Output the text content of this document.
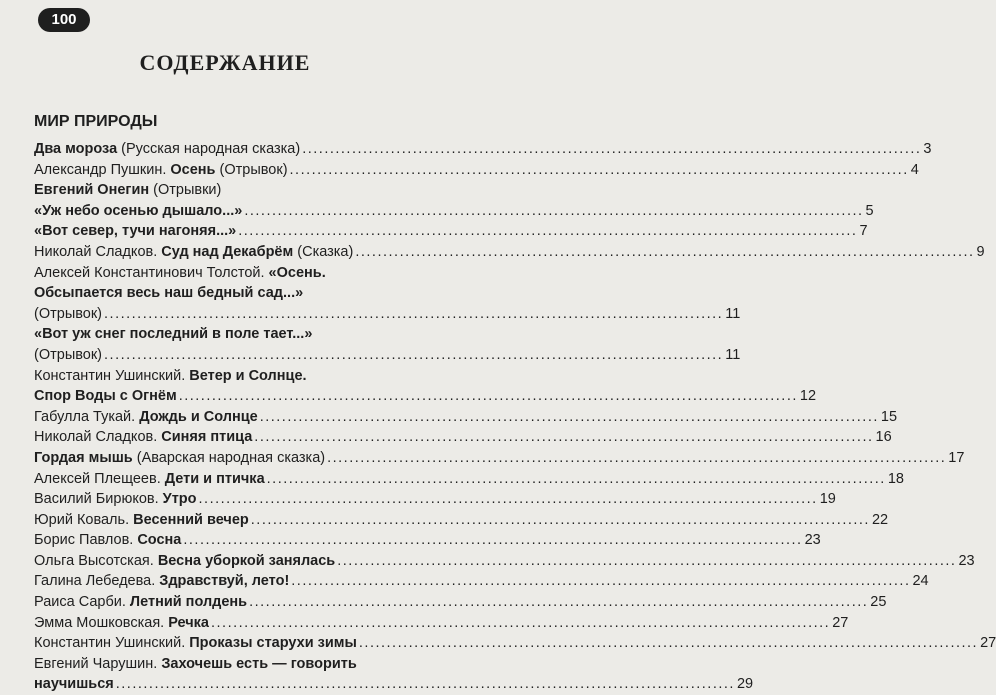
100
СОДЕРЖАНИЕ
МИР ПРИРОДЫ
Два мороза (Русская народная сказка) .....	3
Александр Пушкин. Осень (Отрывок) .....	4
Евгений Онегин (Отрывки)
«Уж небо осенью дышало...» .....	5
«Вот север, тучи нагоняя...» .....	7
Николай Сладков. Суд над Декабрём (Сказка) .....	9
Алексей Константинович Толстой. «Осень.
Обсыпается весь наш бедный сад...»
(Отрывок) .....	11
«Вот уж снег последний в поле тает...»
(Отрывок) .....	11
Константин Ушинский. Ветер и Солнце.
Спор Воды с Огнём .....	12
Габулла Тукай. Дождь и Солнце .....	15
Николай Сладков. Синяя птица .....	16
Гордая мышь (Аварская народная сказка) .....	17
Алексей Плещеев. Дети и птичка .....	18
Василий Бирюков. Утро .....	19
Юрий Коваль. Весенний вечер .....	22
Борис Павлов. Сосна .....	23
Ольга Высотская. Весна уборкой занялась .....	23
Галина Лебедева. Здравствуй, лето! .....	24
Раиса Сарби. Летний полдень .....	25
Эмма Мошковская. Речка .....	27
Константин Ушинский. Проказы старухи зимы .....	27
Евгений Чарушин. Захочешь есть — говорить
научишься .....	29
